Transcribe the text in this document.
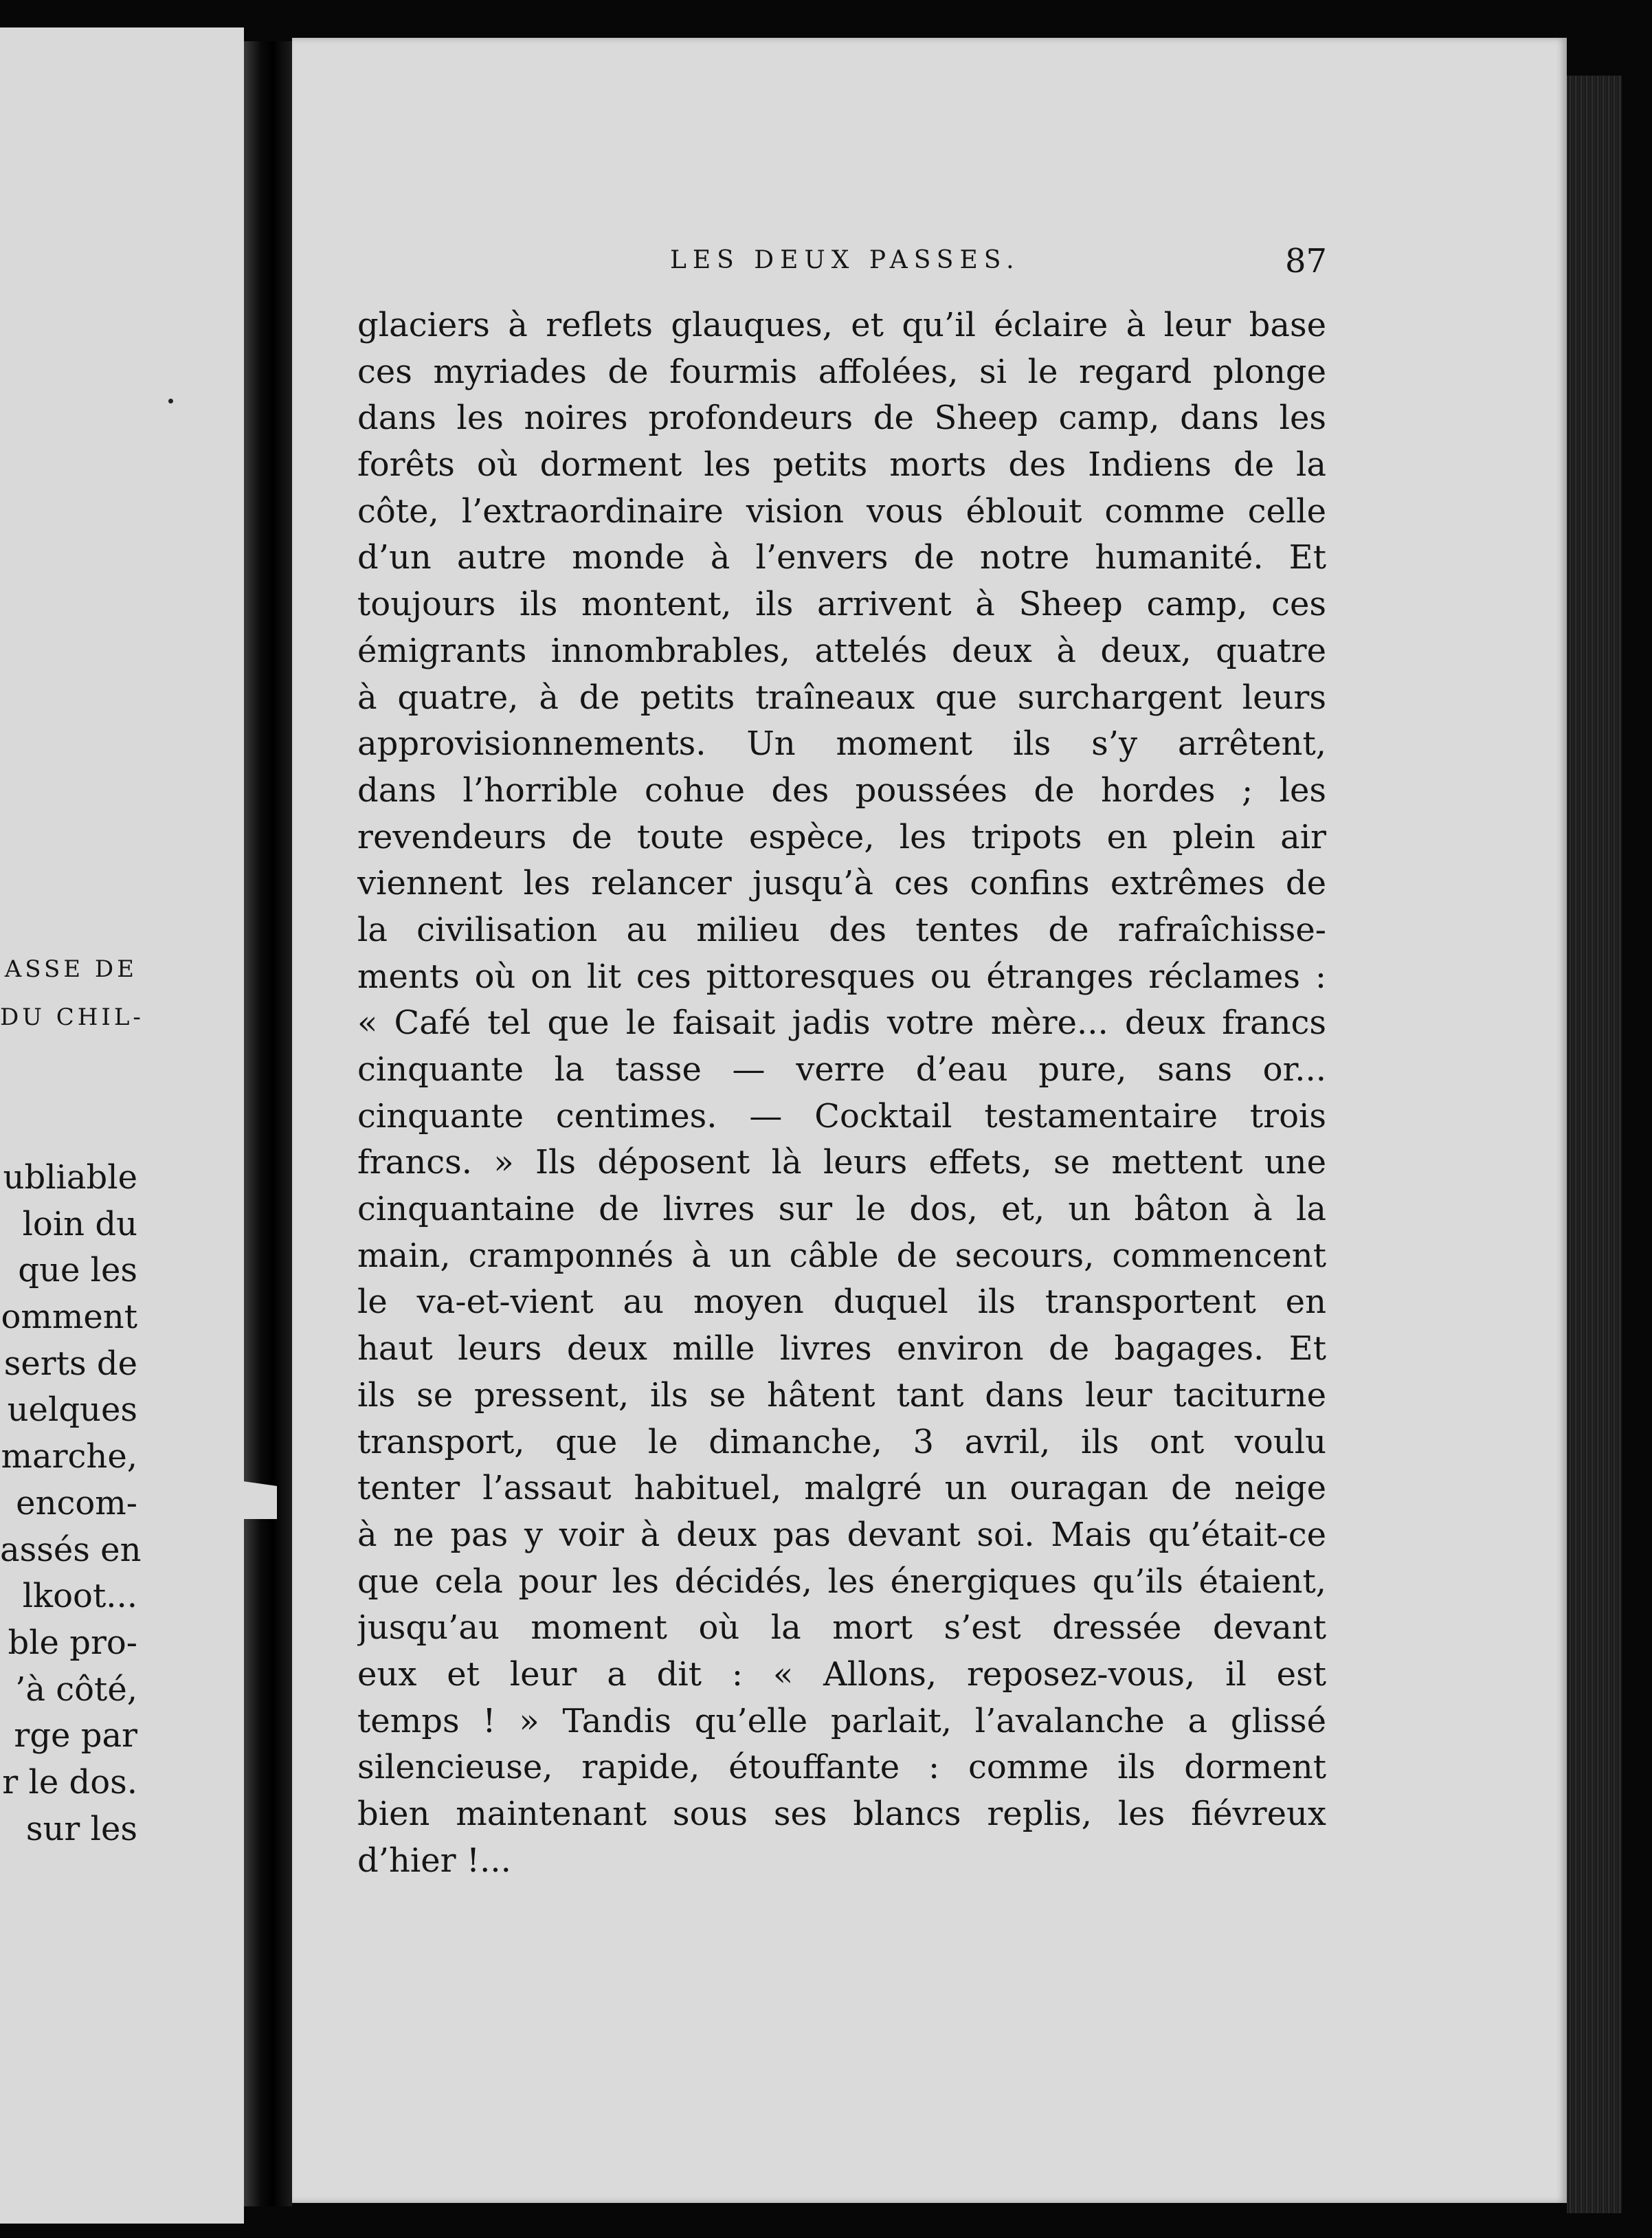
ASSE DE
DU CHIL-
ubliable
loin du
que les
omment
serts de
uelques
marche,
encom-
assés en
lkoot...
ble pro-
’à côté,
rge par
r le dos.
sur les
LES DEUX PASSES.	87
glaciers à reflets glauques, et qu’il éclaire à leur base
ces myriades de fourmis affolées, si le regard plonge
dans les noires profondeurs de Sheep camp, dans les
forêts où dorment les petits morts des Indiens de la
côte, l’extraordinaire vision vous éblouit comme celle
d’un autre monde à l’envers de notre humanité. Et
toujours ils montent, ils arrivent à Sheep camp, ces
émigrants innombrables, attelés deux à deux, quatre
à quatre, à de petits traîneaux que surchargent leurs
approvisionnements. Un moment ils s’y arrêtent,
dans l’horrible cohue des poussées de hordes ; les
revendeurs de toute espèce, les tripots en plein air
viennent les relancer jusqu’à ces confins extrêmes de
la civilisation au milieu des tentes de rafraîchisse-
ments où on lit ces pittoresques ou étranges réclames :
« Café tel que le faisait jadis votre mère... deux francs
cinquante la tasse — verre d’eau pure, sans or...
cinquante centimes. — Cocktail testamentaire trois
francs. » Ils déposent là leurs effets, se mettent une
cinquantaine de livres sur le dos, et, un bâton à la
main, cramponnés à un câble de secours, commencent
le va-et-vient au moyen duquel ils transportent en
haut leurs deux mille livres environ de bagages. Et
ils se pressent, ils se hâtent tant dans leur taciturne
transport, que le dimanche, 3 avril, ils ont voulu
tenter l’assaut habituel, malgré un ouragan de neige
à ne pas y voir à deux pas devant soi. Mais qu’était-ce
que cela pour les décidés, les énergiques qu’ils étaient,
jusqu’au moment où la mort s’est dressée devant
eux et leur a dit : « Allons, reposez-vous, il est
temps ! » Tandis qu’elle parlait, l’avalanche a glissé
silencieuse, rapide, étouffante : comme ils dorment
bien maintenant sous ses blancs replis, les fiévreux
d’hier !...
